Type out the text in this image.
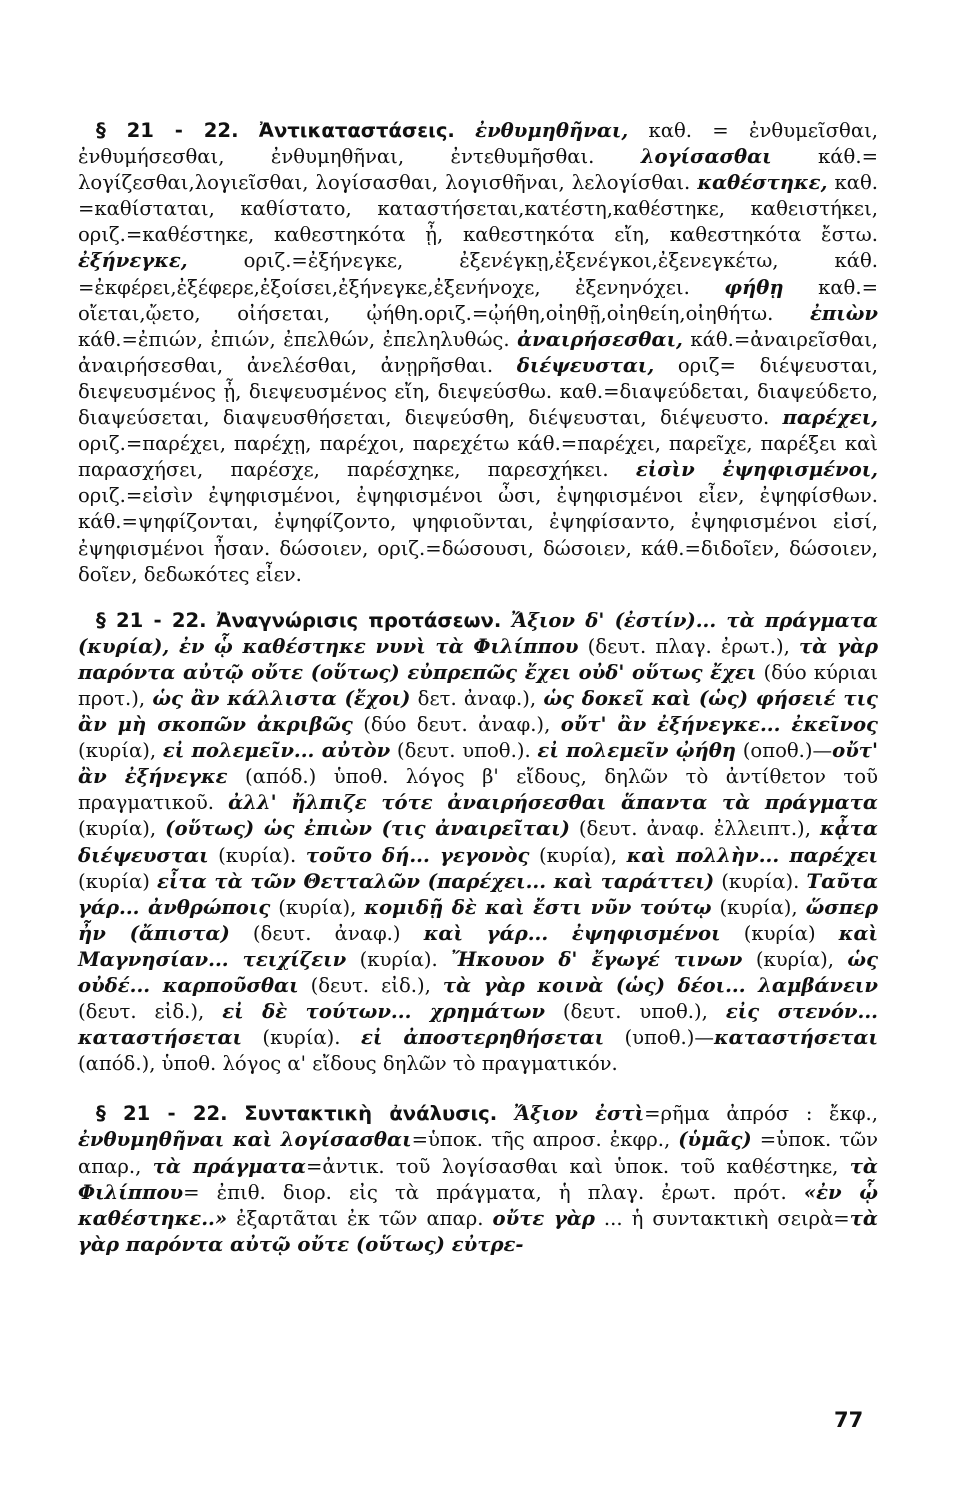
§ 21 - 22. Ἀντικαταστάσεις. ἐνθυμηθῆναι, καθ. = ἐνθυμεῖσθαι, ἐνθυμήσεσθαι, ἐνθυμηθῆναι, ἐντεθυμῆσθαι. λογίσασθαι κάθ.= λογίζεσθαι,λογιεῖσθαι, λογίσασθαι, λογισθῆναι, λελογίσθαι. καθέστηκε, καθ. =καθίσταται, καθίστατο, καταστήσεται,κατέστη,καθέστηκε, καθειστήκει, οριζ.=καθέστηκε, καθεστηκότα ᾖ, καθεστηκότα εἴη, καθεστηκότα ἔστω. ἐξήνεγκε, οριζ.=ἐξήνεγκε, ἐξενέγκῃ,ἐξενέγκοι,ἐξενεγκέτω, κάθ. =ἐκφέρει,ἐξέφερε,ἐξοίσει,ἐξήνεγκε,ἐξενήνοχε, ἐξενηνόχει. φήθῃ καθ.= οἴεται,ᾤετο, οἰήσεται, ᾠήθη.οριζ.=ᾠήθη,οἰηθῇ,οἰηθείη,οἰηθήτω. ἐπιὼν κάθ.=ἐπιών, ἐπιών, ἐπελθών, ἐπεληλυθώς. ἀναιρήσεσθαι, κάθ.=ἀναιρεῖσθαι, ἀναιρήσεσθαι, ἀνελέσθαι, ἀνῃρῆσθαι. διέψευσται, οριζ= διέψευσται, διεψευσμένος ᾖ, διεψευσμένος εἴη, διεψεύσθω. καθ.=διαψεύδεται, διαψεύδετο, διαψεύσεται, διαψευσθήσεται, διεψεύσθη, διέψευσται, διέψευστο. παρέχει, οριζ.=παρέχει, παρέχῃ, παρέχοι, παρεχέτω κάθ.=παρέχει, παρεῖχε, παρέξει καὶ παρασχήσει, παρέσχε, παρέσχηκε, παρεσχήκει. εἰσὶν ἐψηφισμένοι, οριζ.=εἰσὶν ἐψηφισμένοι, ἐψηφισμένοι ὦσι, ἐψηφισμένοι εἶεν, ἐψηφίσθων. κάθ.=ψηφίζονται, ἐψηφίζοντο, ψηφιοῦνται, ἐψηφίσαντο, ἐψηφισμένοι εἰσί, ἐψηφισμένοι ἦσαν. δώσοιεν, οριζ.=δώσουσι, δώσοιεν, κάθ.=διδοῖεν, δώσοιεν, δοῖεν, δεδωκότες εἶεν.

§ 21 - 22. Ἀναγνώρισις προτάσεων. Ἄξιον δ' (ἐστίν)... τὰ πράγματα (κυρία), ἐν ᾧ καθέστηκε νυνὶ τὰ Φιλίππου (δευτ. πλαγ. ἐρωτ.), τὰ γὰρ παρόντα αὐτῷ οὔτε (οὕτως) εὐπρεπῶς ἔχει οὐδ' οὕτως ἔχει (δύο κύριαι προτ.), ὡς ἂν κάλλιστα (ἔχοι) δετ. ἀναφ.), ὡς δοκεῖ καὶ (ὡς) φήσειέ τις ἂν μὴ σκοπῶν ἀκριβῶς (δύο δευτ. ἀναφ.), οὔτ' ἂν ἐξήνεγκε... ἐκεῖνος (κυρία), εἰ πολεμεῖν... αὐτὸν (δευτ. υποθ.). εἰ πολεμεῖν ᾠήθη (οποθ.)—οὔτ' ἂν ἐξήνεγκε (απόδ.) ὑποθ. λόγος β' εἴδους, δηλῶν τὸ ἀντίθετον τοῦ πραγματικοῦ. ἀλλ' ἤλπιζε τότε ἀναιρήσεσθαι ἅπαντα τὰ πράγματα (κυρία), (οὕτως) ὡς ἐπιὼν (τις ἀναιρεῖται) (δευτ. ἀναφ. ἐλλειπτ.), κᾆτα διέψευσται (κυρία). τοῦτο δή... γεγονὸς (κυρία), καὶ πολλὴν... παρέχει (κυρία) εἶτα τὰ τῶν Θετταλῶν (παρέχει... καὶ ταράττει) (κυρία). Ταῦτα γάρ... ἀνθρώποις (κυρία), κομιδῇ δὲ καὶ ἔστι νῦν τούτῳ (κυρία), ὥσπερ ἦν (ἄπιστα) (δευτ. ἀναφ.) καὶ γάρ... ἐψηφισμένοι (κυρία) καὶ Μαγνησίαν... τειχίζειν (κυρία). Ἤκουον δ' ἔγωγέ τινων (κυρία), ὡς οὐδέ... καρποῦσθαι (δευτ. εἰδ.), τὰ γὰρ κοινὰ (ὡς) δέοι... λαμβάνειν (δευτ. εἰδ.), εἰ δὲ τούτων... χρημάτων (δευτ. υποθ.), εἰς στενόν... καταστήσεται (κυρία). εἰ ἀποστερηθήσεται (υποθ.)—καταστήσεται (απόδ.), ὑποθ. λόγος α' εἴδους δηλῶν τὸ πραγματικόν.

§ 21 - 22. Συντακτικὴ ἀνάλυσις. Ἄξιον ἐστὶ=ρῆμα ἀπρόσ : ἔκφ., ἐνθυμηθῆναι καὶ λογίσασθαι=ὑποκ. τῆς απροσ. ἐκφρ., (ὑμᾶς) =ὑποκ. τῶν απαρ., τὰ πράγματα=ἀντικ. τοῦ λογίσασθαι καὶ ὑποκ. τοῦ καθέστηκε, τὰ Φιλίππου= ἐπιθ. διορ. εἰς τὰ πράγματα, ἡ πλαγ. ἐρωτ. πρότ. «ἐν ᾧ καθέστηκε..» ἐξαρτᾶται ἐκ τῶν απαρ. οὔτε γὰρ ... ἡ συντακτικὴ σειρὰ=τὰ γὰρ παρόντα αὐτῷ οὔτε (οὕτως) εὐτρε-

77
